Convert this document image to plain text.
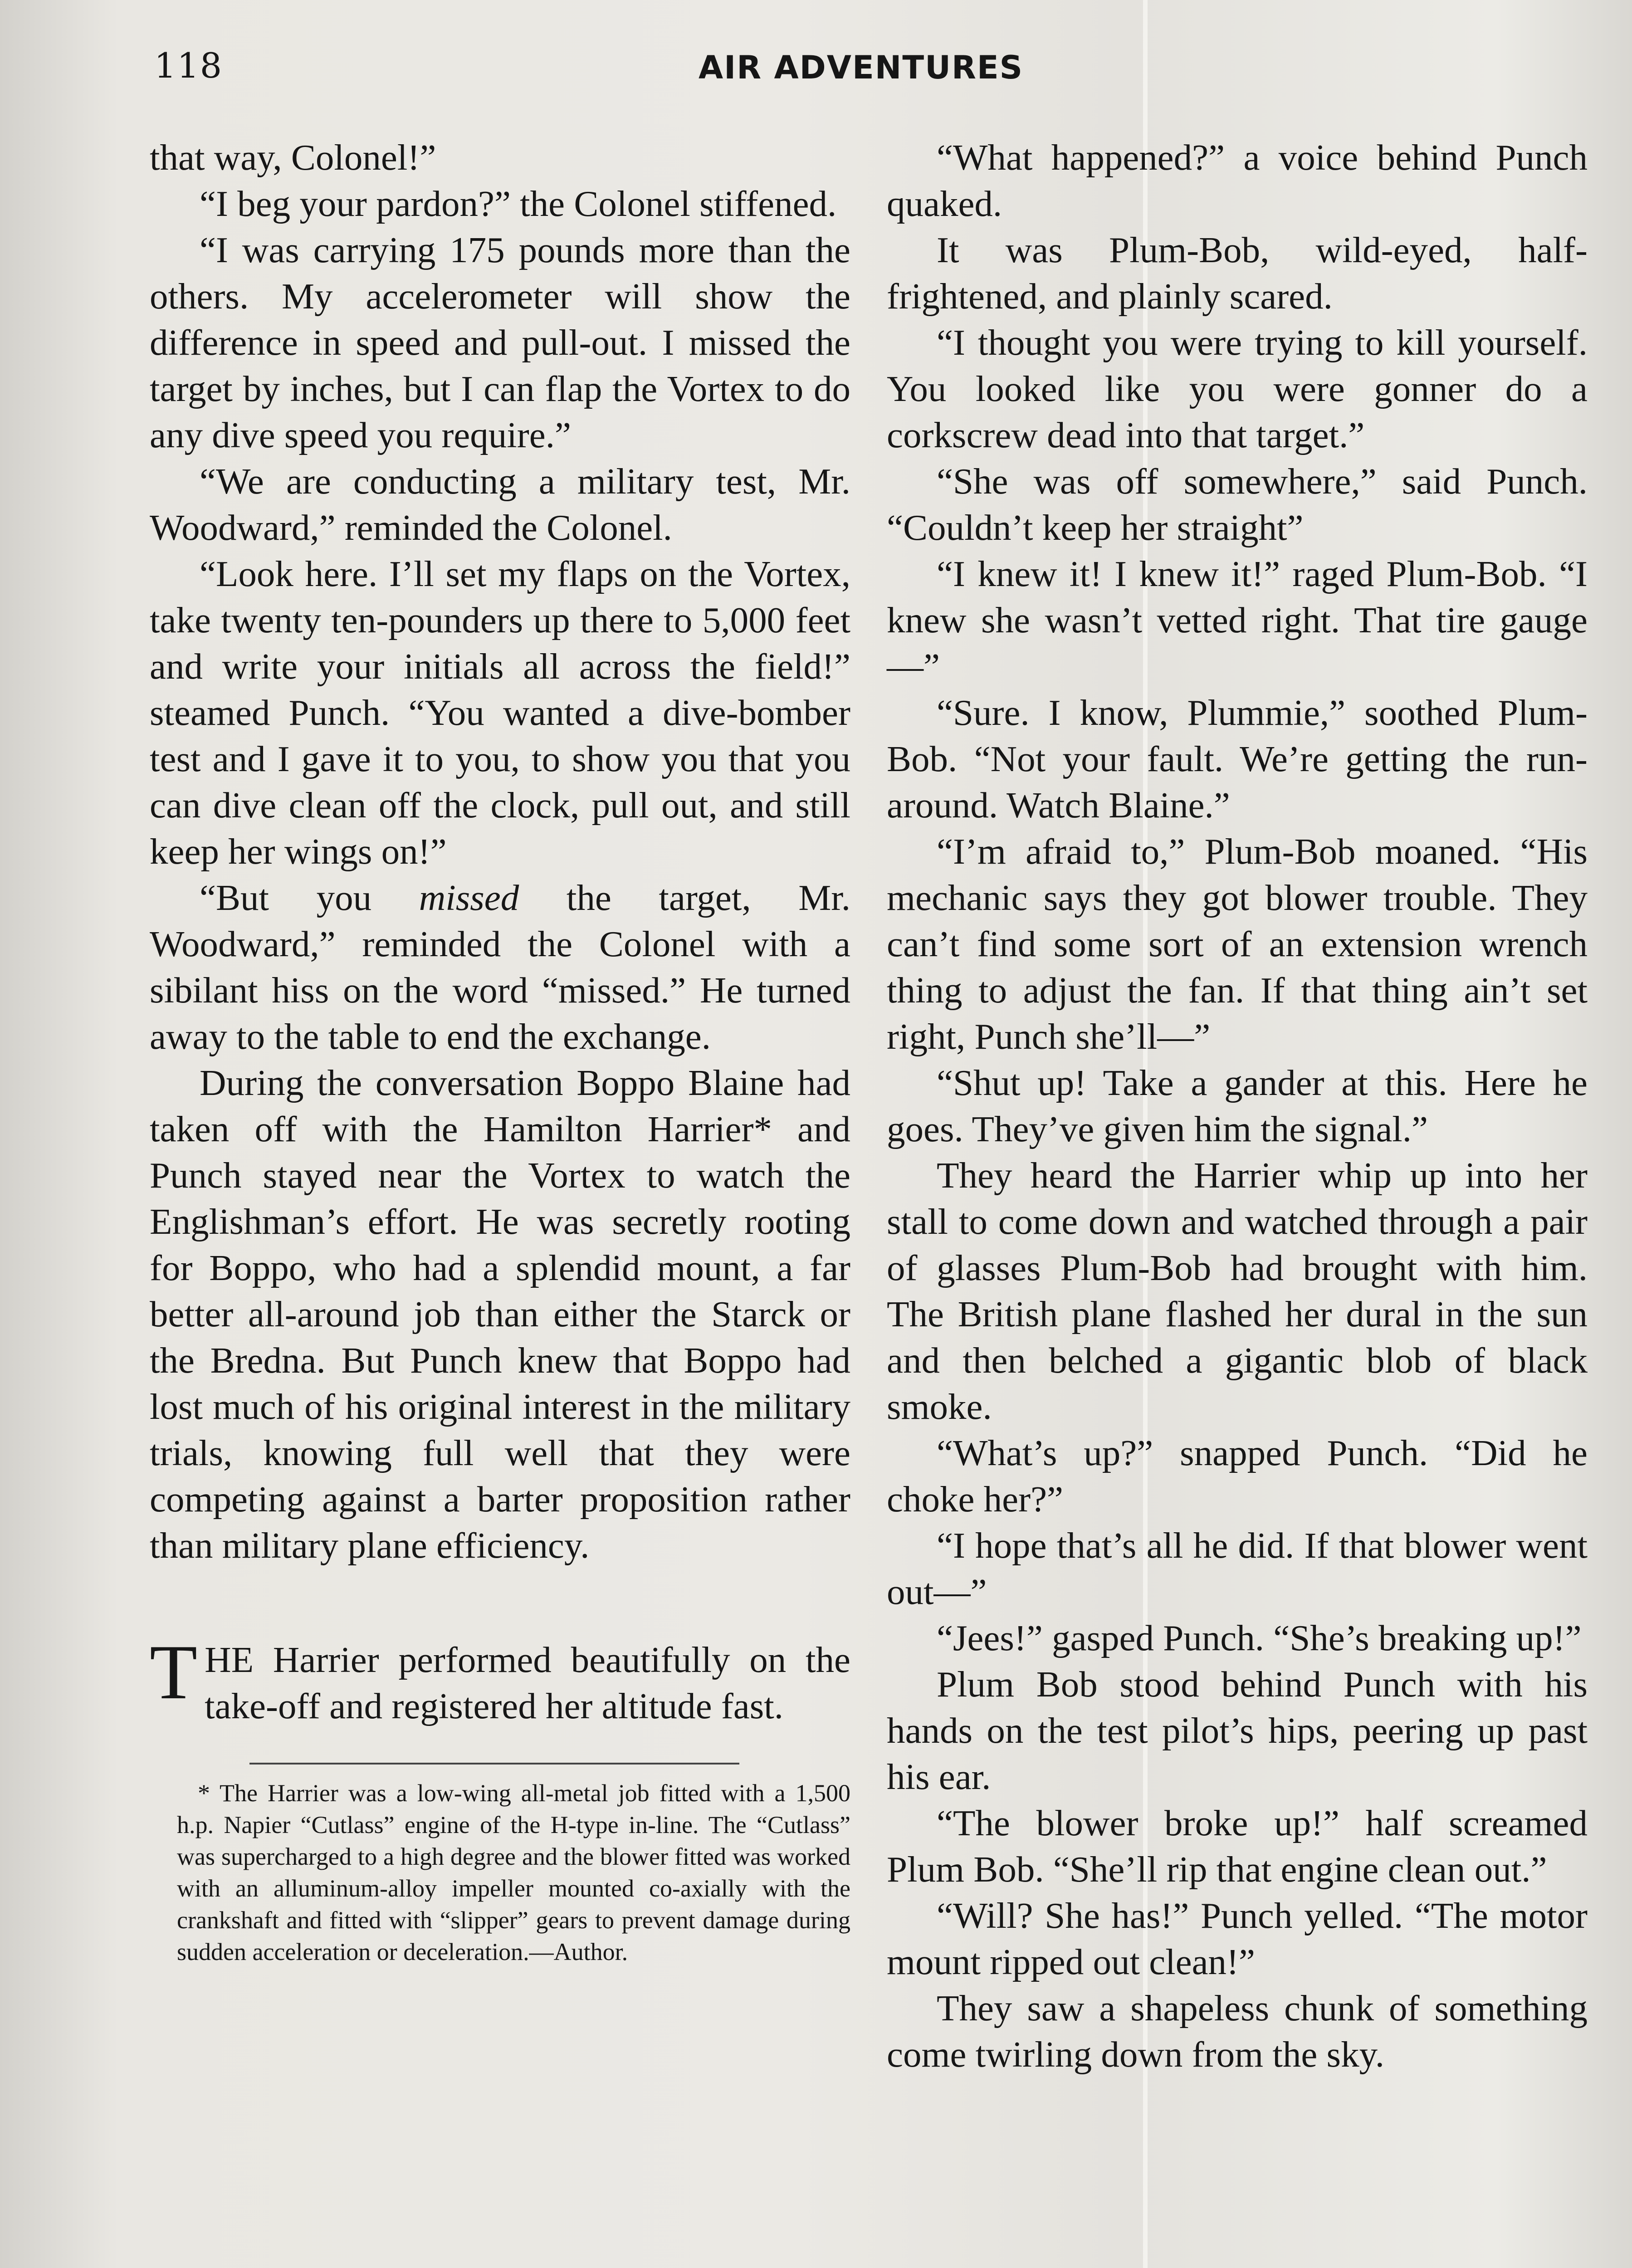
118	AIR ADVENTURES

that way, Colonel!”

“I beg your pardon?” the Colonel stiffened.

“I was carrying 175 pounds more than the others. My accelerometer will show the difference in speed and pull-out. I missed the target by inches, but I can flap the Vortex to do any dive speed you require.”

“We are conducting a military test, Mr. Woodward,” reminded the Colonel.

“Look here. I’ll set my flaps on the Vortex, take twenty ten-pounders up there to 5,000 feet and write your initials all across the field!” steamed Punch. “You wanted a dive-bomber test and I gave it to you, to show you that you can dive clean off the clock, pull out, and still keep her wings on!”

“But you missed the target, Mr. Woodward,” reminded the Colonel with a sibilant hiss on the word “missed.” He turned away to the table to end the exchange.

During the conversation Boppo Blaine had taken off with the Hamilton Harrier* and Punch stayed near the Vortex to watch the Englishman’s effort. He was secretly rooting for Boppo, who had a splendid mount, a far better all-around job than either the Starck or the Bredna. But Punch knew that Boppo had lost much of his original interest in the military trials, knowing full well that they were competing against a barter proposition rather than military plane efficiency.

THE Harrier performed beautifully on the take-off and registered her altitude fast.

* The Harrier was a low-wing all-metal job fitted with a 1,500 h.p. Napier “Cutlass” engine of the H-type in-line. The “Cutlass” was supercharged to a high degree and the blower fitted was worked with an alluminum-alloy impeller mounted co-axially with the crankshaft and fitted with “slipper” gears to prevent damage during sudden acceleration or deceleration.—Author.

“What happened?” a voice behind Punch quaked.

It was Plum-Bob, wild-eyed, half-frightened, and plainly scared.

“I thought you were trying to kill yourself. You looked like you were gonner do a corkscrew dead into that target.”

“She was off somewhere,” said Punch. “Couldn’t keep her straight”

“I knew it! I knew it!” raged Plum-Bob. “I knew she wasn’t vetted right. That tire gauge—”

“Sure. I know, Plummie,” soothed Plum-Bob. “Not your fault. We’re getting the run-around. Watch Blaine.”

“I’m afraid to,” Plum-Bob moaned. “His mechanic says they got blower trouble. They can’t find some sort of an extension wrench thing to adjust the fan. If that thing ain’t set right, Punch she’ll—”

“Shut up! Take a gander at this. Here he goes. They’ve given him the signal.”

They heard the Harrier whip up into her stall to come down and watched through a pair of glasses Plum-Bob had brought with him. The British plane flashed her dural in the sun and then belched a gigantic blob of black smoke.

“What’s up?” snapped Punch. “Did he choke her?”

“I hope that’s all he did. If that blower went out—”

“Jees!” gasped Punch. “She’s breaking up!”

Plum Bob stood behind Punch with his hands on the test pilot’s hips, peering up past his ear.

“The blower broke up!” half screamed Plum Bob. “She’ll rip that engine clean out.”

“Will? She has!” Punch yelled. “The motor mount ripped out clean!”

They saw a shapeless chunk of something come twirling down from the sky.
